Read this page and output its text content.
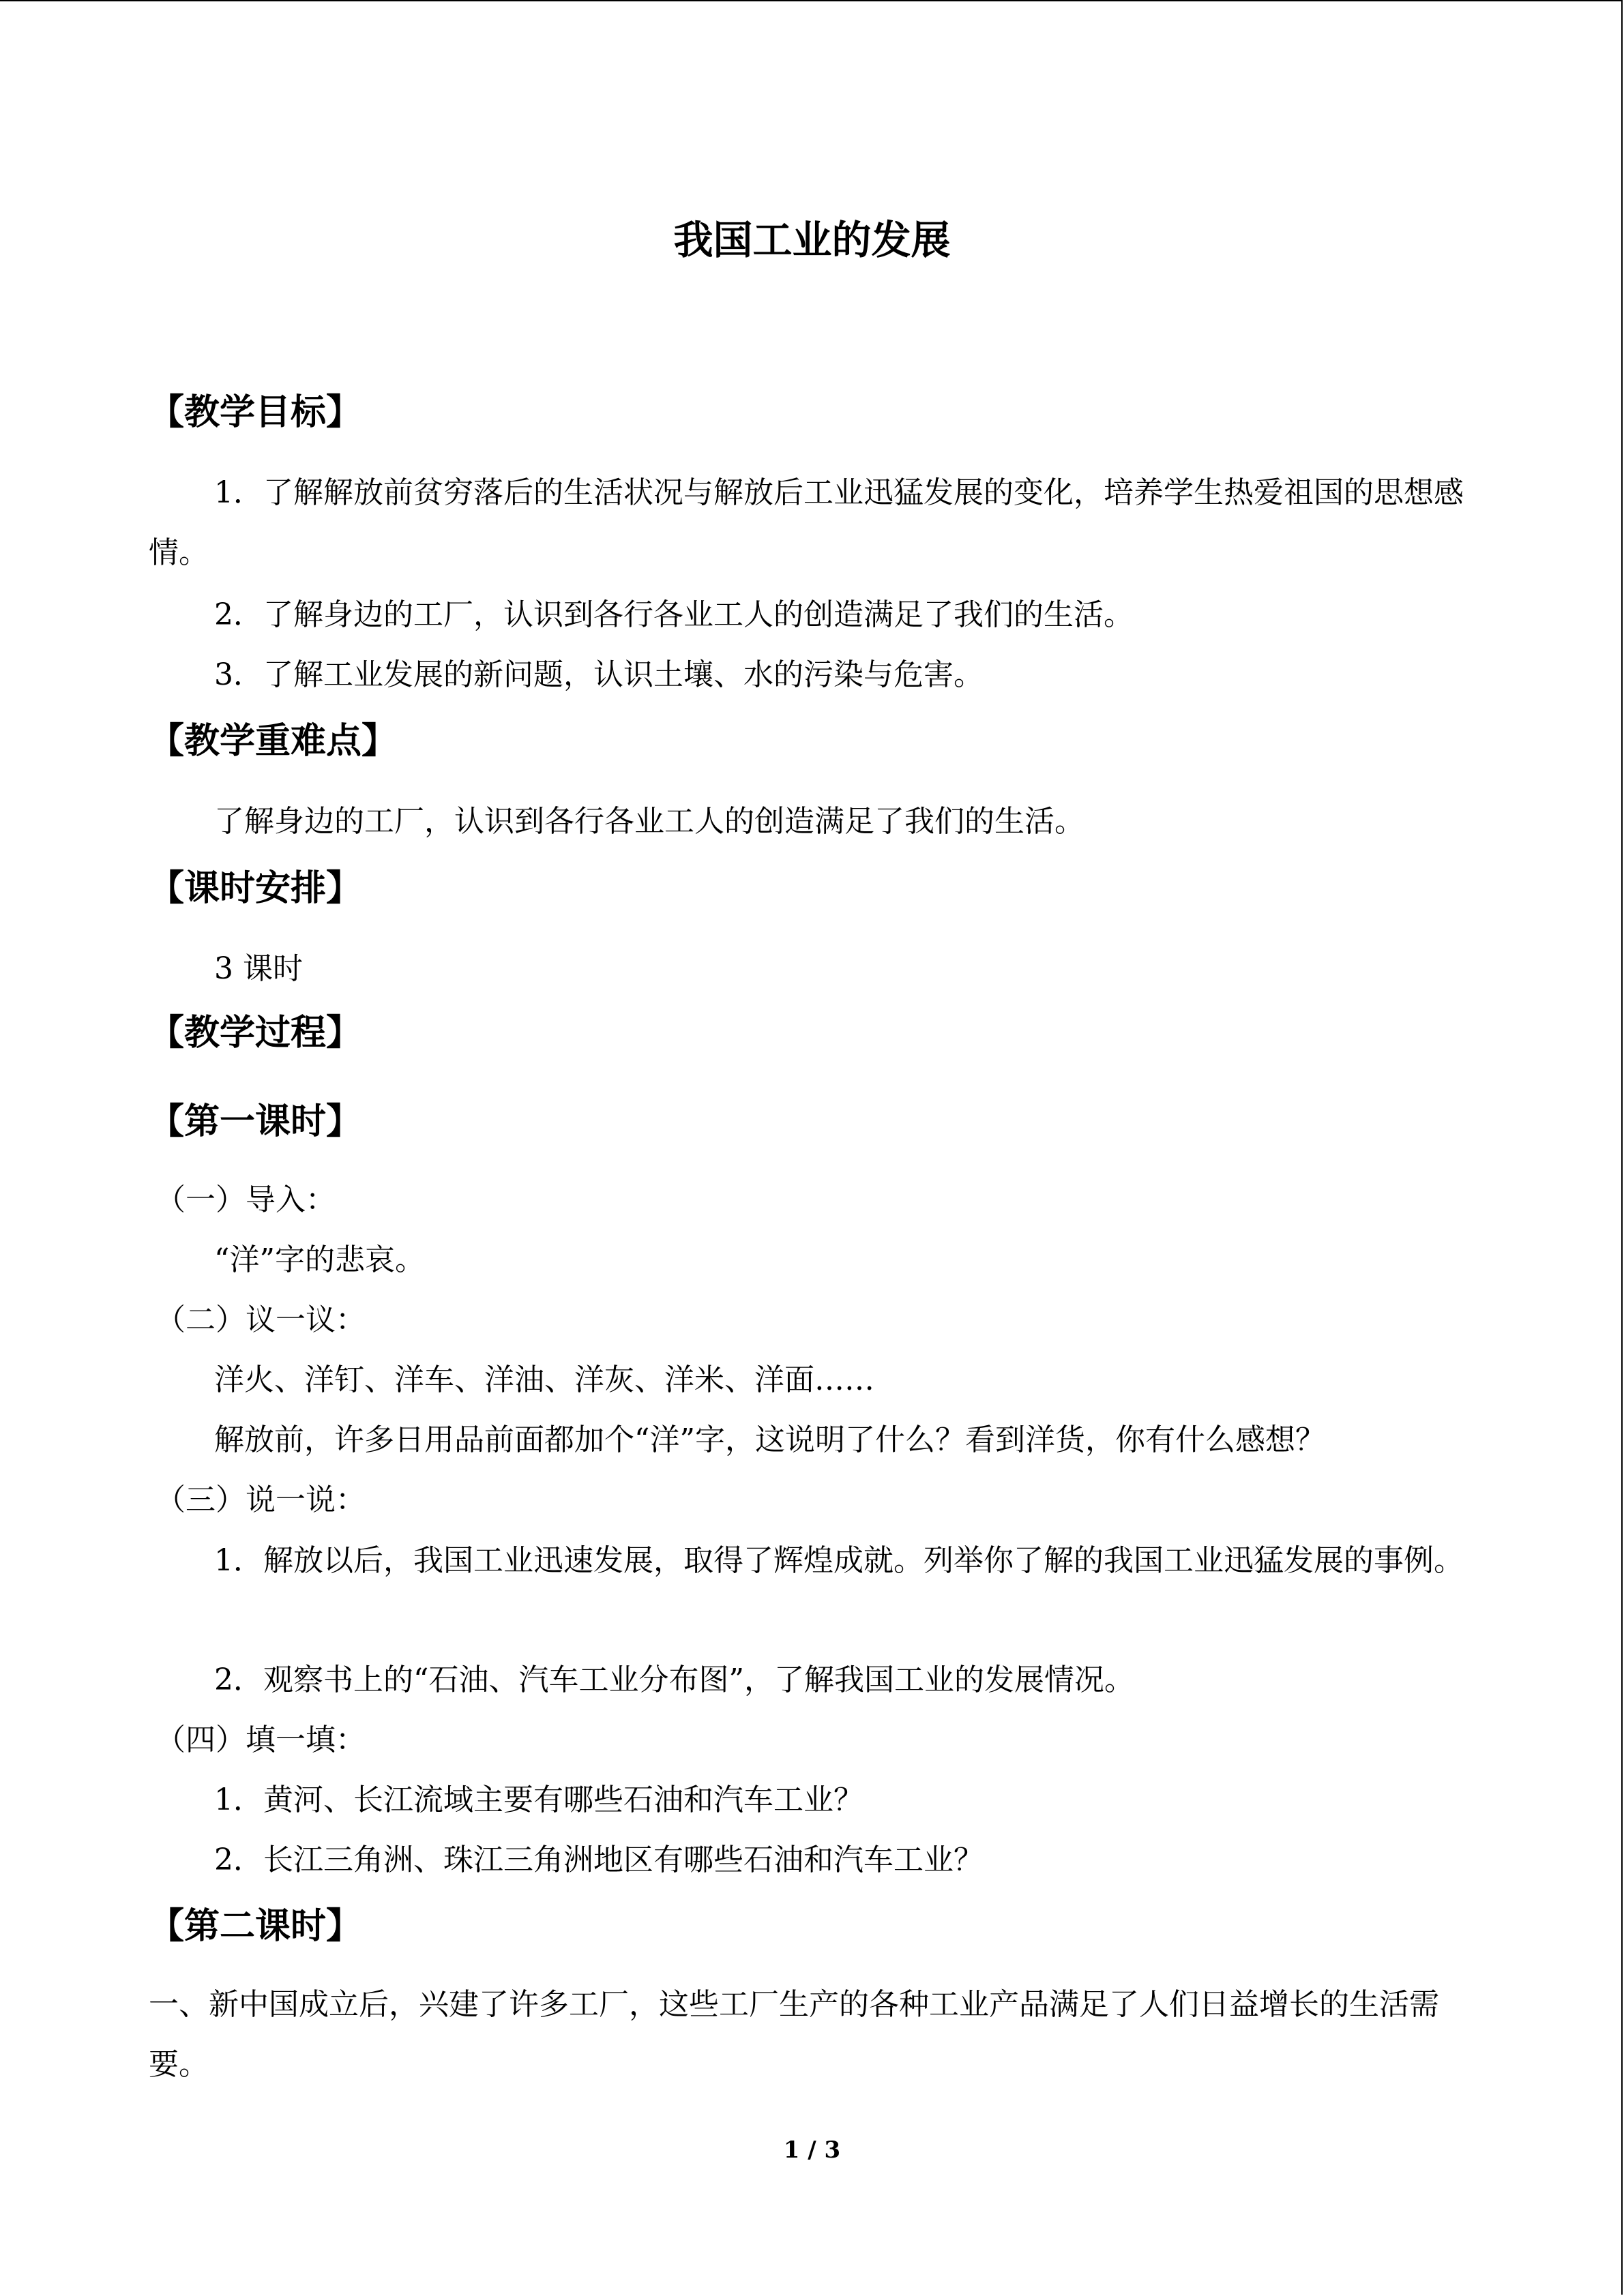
我国工业的发展
【教学目标】

1．了解解放前贫穷落后的生活状况与解放后工业迅猛发展的变化，培养学生热爱祖国的思想感情。

2．了解身边的工厂，认识到各行各业工人的创造满足了我们的生活。
3．了解工业发展的新问题，认识土壤、水的污染与危害。
【教学重难点】
了解身边的工厂，认识到各行各业工人的创造满足了我们的生活。
【课时安排】
3 课时
【教学过程】
【第一课时】
（一）导入：
“洋”字的悲哀。
（二）议一议：
洋火、洋钉、洋车、洋油、洋灰、洋米、洋面……
解放前，许多日用品前面都加个“洋”字，这说明了什么？看到洋货，你有什么感想？
（三）说一说：

1．解放以后，我国工业迅速发展，取得了辉煌成就。列举你了解的我国工业迅猛发展的事例。

2．观察书上的“石油、汽车工业分布图”，了解我国工业的发展情况。
（四）填一填：
1．黄河、长江流域主要有哪些石油和汽车工业？
2．长江三角洲、珠江三角洲地区有哪些石油和汽车工业？
【第二课时】

一、新中国成立后，兴建了许多工厂，这些工厂生产的各种工业产品满足了人们日益增长的生活需要。

1 / 3
